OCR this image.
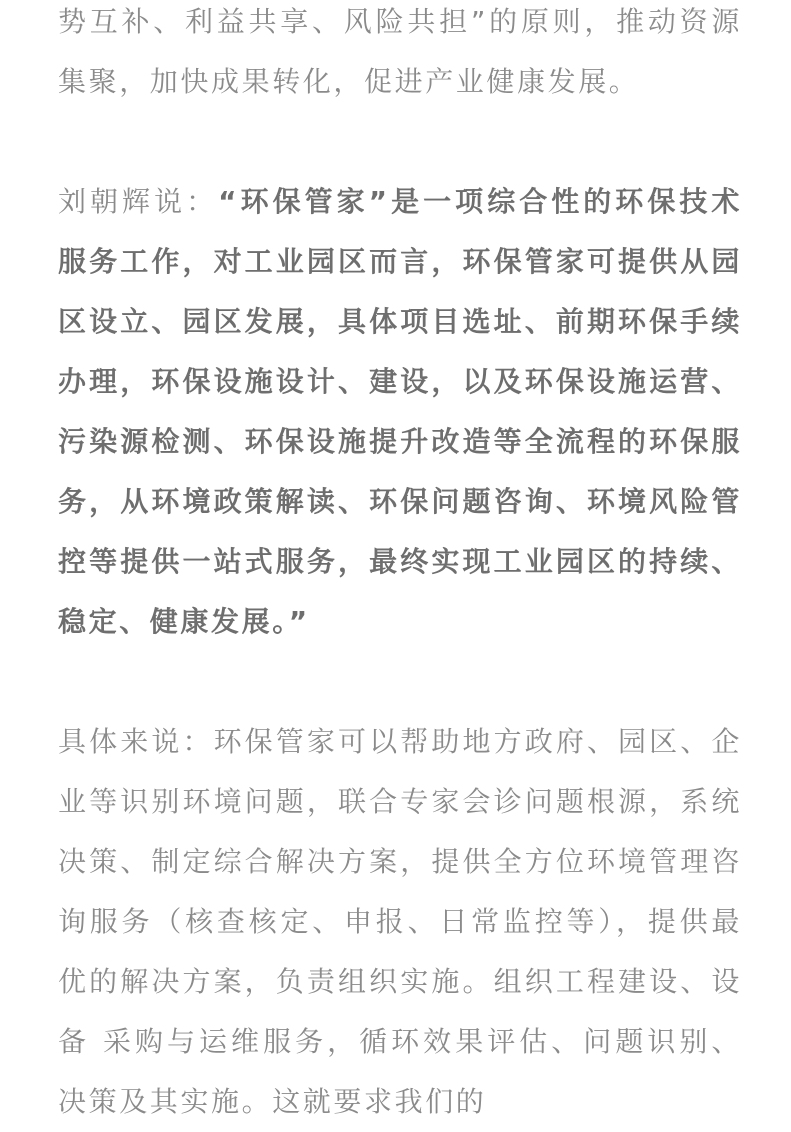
势互补、利益共享、风险共担”的原则，推动资源集聚，加快成果转化，促进产业健康发展。

刘朝辉说：“环保管家”是一项综合性的环保技术服务工作，对工业园区而言，环保管家可提供从园区设立、园区发展，具体项目选址、前期环保手续办理，环保设施设计、建设，以及环保设施运营、污染源检测、环保设施提升改造等全流程的环保服务，从环境政策解读、环保问题咨询、环境风险管控等提供一站式服务，最终实现工业园区的持续、稳定、健康发展。”

具体来说：环保管家可以帮助地方政府、园区、企业等识别环境问题，联合专家会诊问题根源，系统决策、制定综合解决方案，提供全方位环境管理咨询服务（核查核定、申报、日常监控等），提供最优的解决方案，负责组织实施。组织工程建设、设备 采购与运维服务，循环效果评估、问题识别、决策及其实施。这就要求我们的
